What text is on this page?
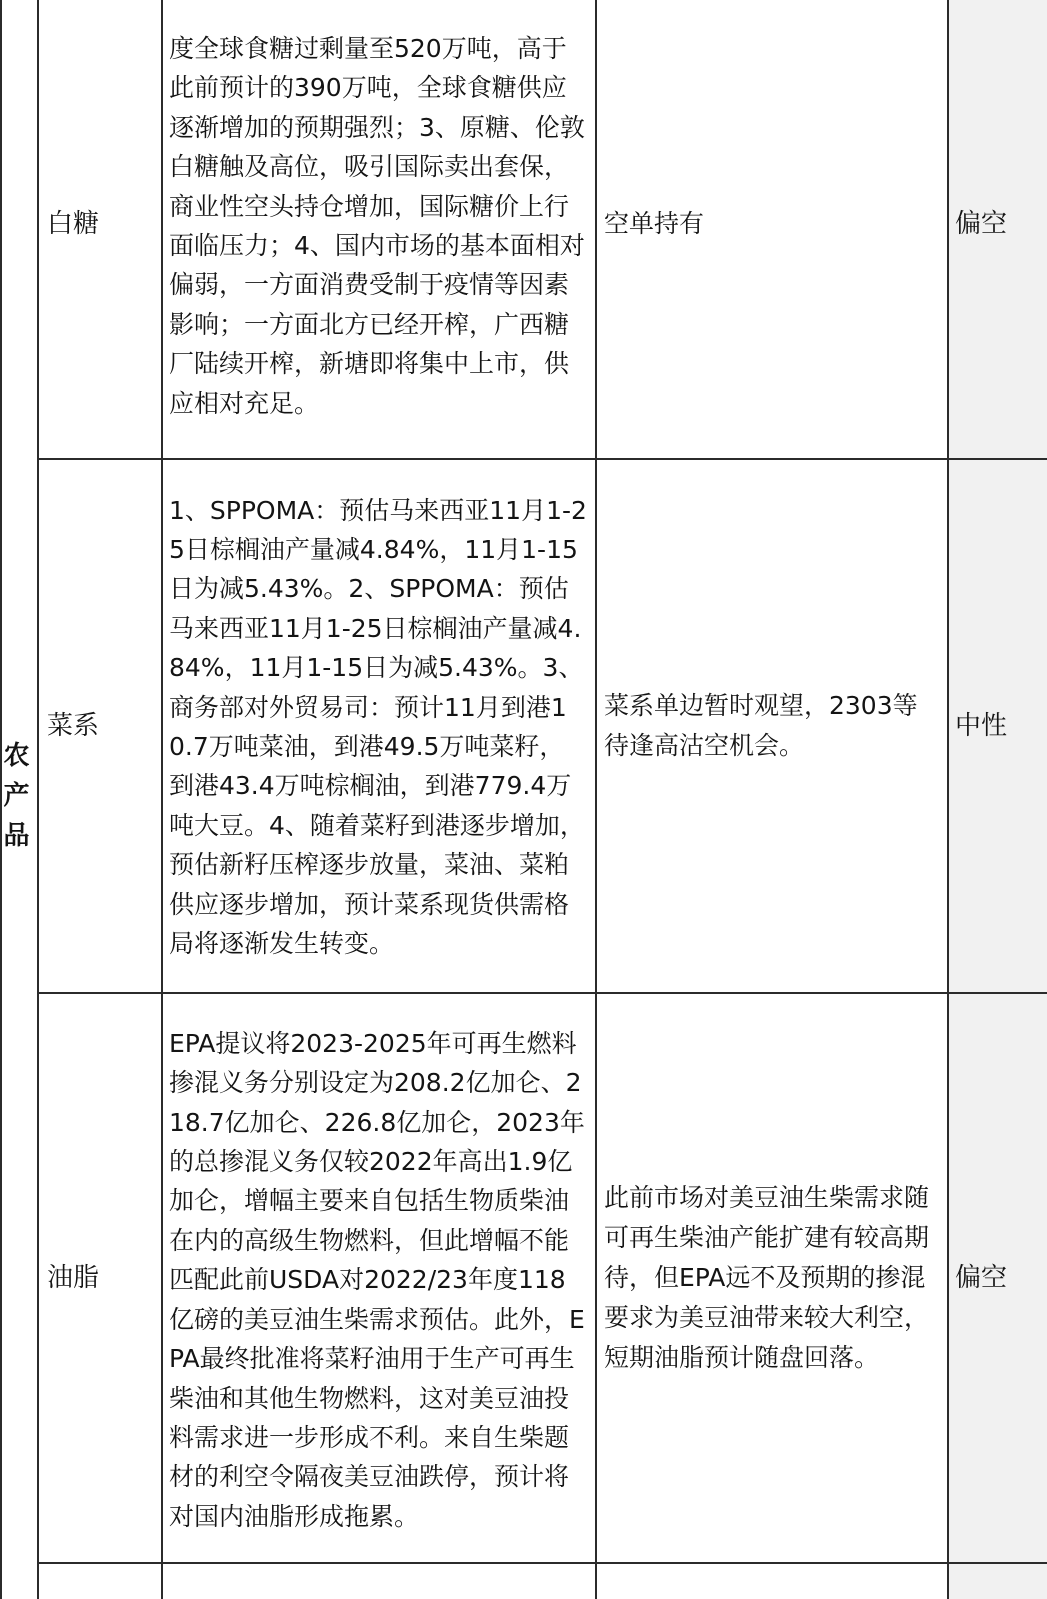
农产品	白糖	度全球食糖过剩量至520万吨，高于此前预计的390万吨，全球食糖供应逐渐增加的预期强烈；3、原糖、伦敦白糖触及高位，吸引国际卖出套保，商业性空头持仓增加，国际糖价上行面临压力；4、国内市场的基本面相对偏弱，一方面消费受制于疫情等因素影响；一方面北方已经开榨，广西糖厂陆续开榨，新塘即将集中上市，供应相对充足。	空单持有	偏空

	菜系	1、SPPOMA：预估马来西亚11月1-25日棕榈油产量减4.84%，11月1-15日为减5.43%。2、SPPOMA：预估马来西亚11月1-25日棕榈油产量减4.84%，11月1-15日为减5.43%。3、商务部对外贸易司：预计11月到港10.7万吨菜油，到港49.5万吨菜籽，到港43.4万吨棕榈油，到港779.4万吨大豆。4、随着菜籽到港逐步增加，预估新籽压榨逐步放量，菜油、菜粕供应逐步增加，预计菜系现货供需格局将逐渐发生转变。	菜系单边暂时观望，2303等待逢高沽空机会。	中性

	油脂	EPA提议将2023-2025年可再生燃料掺混义务分别设定为208.2亿加仑、218.7亿加仑、226.8亿加仑，2023年的总掺混义务仅较2022年高出1.9亿加仑，增幅主要来自包括生物质柴油在内的高级生物燃料，但此增幅不能匹配此前USDA对2022/23年度118亿磅的美豆油生柴需求预估。此外，EPA最终批准将菜籽油用于生产可再生柴油和其他生物燃料，这对美豆油投料需求进一步形成不利。来自生柴题材的利空令隔夜美豆油跌停，预计将对国内油脂形成拖累。	此前市场对美豆油生柴需求随可再生柴油产能扩建有较高期待，但EPA远不及预期的掺混要求为美豆油带来较大利空，短期油脂预计随盘回落。	偏空
